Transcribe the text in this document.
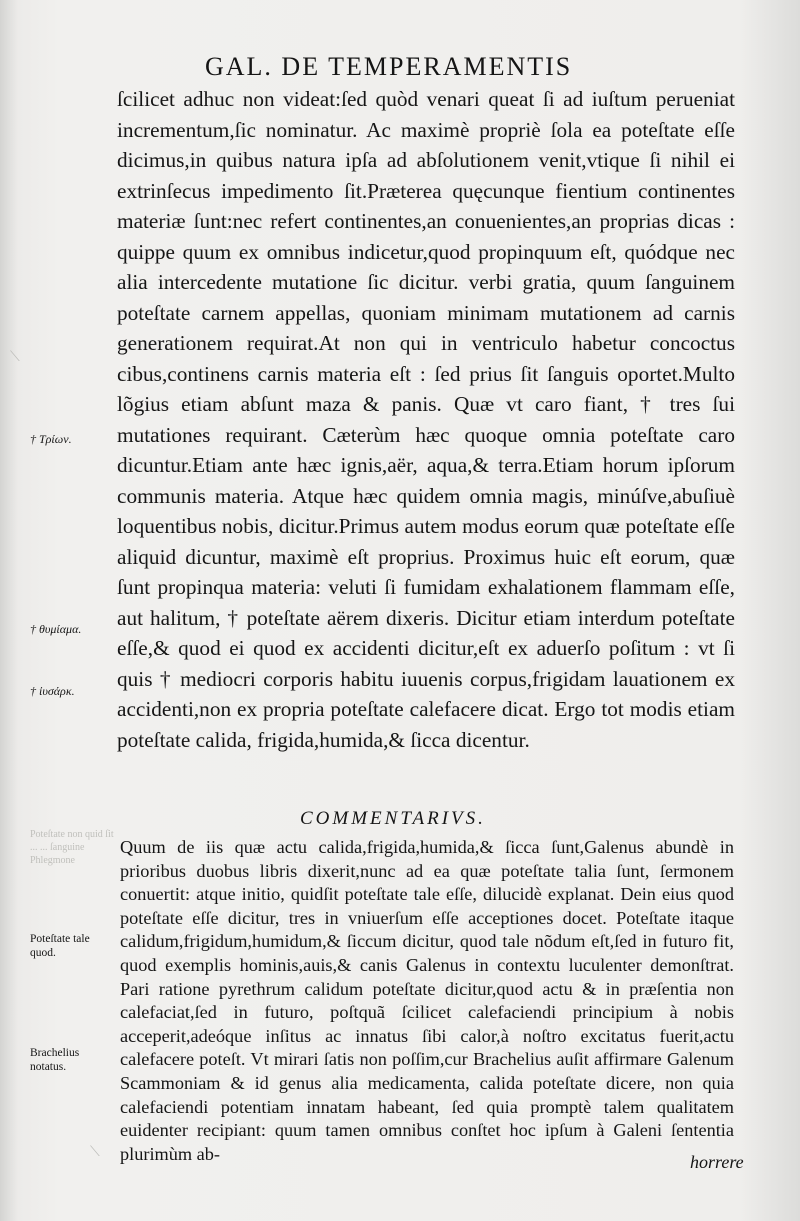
⟍
⟍
GAL. DE TEMPERAMENTIS

ſcilicet adhuc non videat:ſed quòd venari queat ſi ad iuſtum perueniat incrementum,ſic nominatur. Ac maximè propriè ſola ea poteſtate eſſe dicimus,in quibus natura ipſa ad abſolutionem venit,vtique ſi nihil ei extrinſecus impedimento ſit.Præterea quęcunque fientium continentes materiæ ſunt:nec refert continentes,an conuenientes,an proprias dicas : quippe quum ex omnibus indicetur,quod propinquum eſt, quódque nec alia intercedente mutatione ſic dicitur. verbi gratia, quum ſanguinem poteſtate carnem appellas, quoniam minimam mutationem ad carnis generationem requirat.At non qui in ventriculo habetur concoctus cibus,continens carnis materia eſt : ſed prius ſit ſanguis oportet.Multo lõgius etiam abſunt maza & panis. Quæ vt caro fiant, † tres ſui mutationes requirant. Cæterùm hæc quoque omnia poteſtate caro dicuntur.Etiam ante hæc ignis,aër, aqua,& terra.Etiam horum ipſorum communis materia. Atque hæc quidem omnia magis, minúſve,abuſiuè loquentibus nobis, dicitur.Primus autem modus eorum quæ poteſtate eſſe aliquid dicuntur, maximè eſt proprius. Proximus huic eſt eorum, quæ ſunt propinqua materia: veluti ſi fumidam exhalationem flammam eſſe, aut halitum, † poteſtate aërem dixeris. Dicitur etiam interdum poteſtate eſſe,& quod ei quod ex accidenti dicitur,eſt ex aduerſo poſitum : vt ſi quis † mediocri corporis habitu iuuenis corpus,frigidam lauationem ex accidenti,non ex propria poteſtate calefacere dicat. Ergo tot modis etiam poteſtate calida, frigida,humida,& ſicca dicentur.

† Τρίων.
† θυμίαμα.
† ἰυσάρκ.
Poteſtate non quid ſit ... ... ſanguine Phlegmone
COMMENTARIVS.

Quum de iis quæ actu calida,frigida,humida,& ſicca ſunt,Galenus abundè in prioribus duobus libris dixerit,nunc ad ea quæ poteſtate talia ſunt, ſermonem conuertit: atque initio, quidſit poteſtate tale eſſe, dilucidè explanat. Dein eius quod poteſtate eſſe dicitur, tres in vniuerſum eſſe acceptiones docet. Poteſtate itaque calidum,frigidum,humidum,& ſiccum dicitur, quod tale nõdum eſt,ſed in futuro fit, quod exemplis hominis,auis,& canis Galenus in contextu luculenter demonſtrat. Pari ratione pyrethrum calidum poteſtate dicitur,quod actu & in præſentia non calefaciat,ſed in futuro, poſtquã ſcilicet calefaciendi principium à nobis acceperit,adeóque inſitus ac innatus ſibi calor,à noſtro excitatus fuerit,actu calefacere poteſt. Vt mirari ſatis non poſſim,cur Brachelius auſit affirmare Galenum Scammoniam & id genus alia medicamenta, calida poteſtate dicere, non quia calefaciendi potentiam innatam habeant, ſed quia promptè talem qualitatem euidenter recipiant: quum tamen omnibus conſtet hoc ipſum à Galeni ſententia plurimùm ab-

Poteſtate tale quod.
Brachelius notatus.
horrere
